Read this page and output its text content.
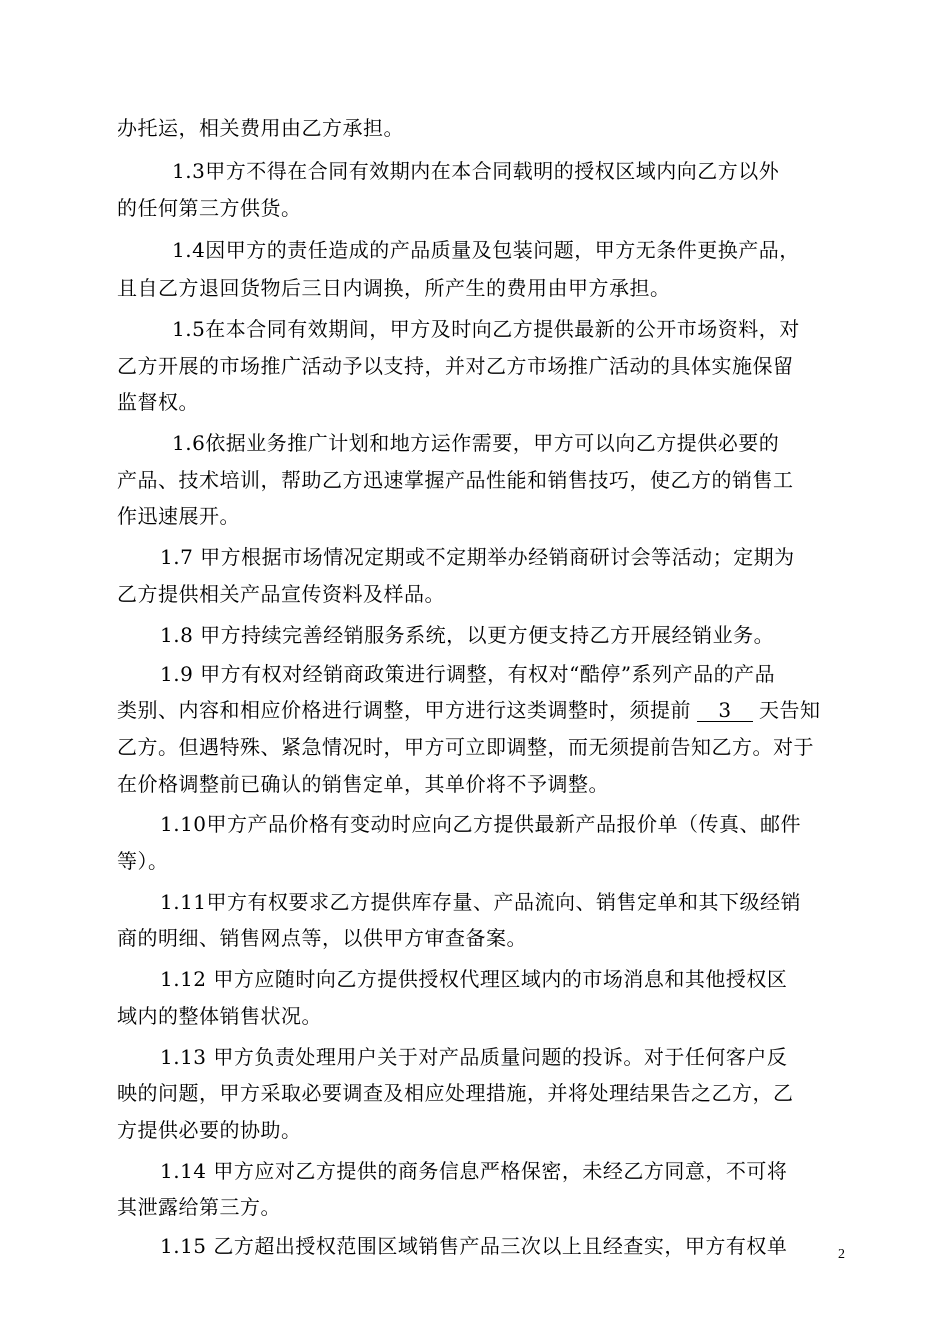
办托运，相关费用由乙方承担。
1.3甲方不得在合同有效期内在本合同载明的授权区域内向乙方以外
的任何第三方供货。
1.4因甲方的责任造成的产品质量及包装问题，甲方无条件更换产品，
且自乙方退回货物后三日内调换，所产生的费用由甲方承担。
1.5在本合同有效期间，甲方及时向乙方提供最新的公开市场资料，对
乙方开展的市场推广活动予以支持，并对乙方市场推广活动的具体实施保留
监督权。
1.6依据业务推广计划和地方运作需要，甲方可以向乙方提供必要的
产品、技术培训，帮助乙方迅速掌握产品性能和销售技巧，使乙方的销售工
作迅速展开。
1.7 甲方根据市场情况定期或不定期举办经销商研讨会等活动；定期为
乙方提供相关产品宣传资料及样品。
1.8 甲方持续完善经销服务系统，以更方便支持乙方开展经销业务。
1.9 甲方有权对经销商政策进行调整，有权对“酷停”系列产品的产品
类别、内容和相应价格进行调整，甲方进行这类调整时，须提前 3 天告知
乙方。但遇特殊、紧急情况时，甲方可立即调整，而无须提前告知乙方。对于
在价格调整前已确认的销售定单，其单价将不予调整。
1.10甲方产品价格有变动时应向乙方提供最新产品报价单（传真、邮件
等）。
1.11甲方有权要求乙方提供库存量、产品流向、销售定单和其下级经销
商的明细、销售网点等，以供甲方审查备案。
1.12 甲方应随时向乙方提供授权代理区域内的市场消息和其他授权区
域内的整体销售状况。
1.13 甲方负责处理用户关于对产品质量问题的投诉。对于任何客户反
映的问题，甲方采取必要调查及相应处理措施，并将处理结果告之乙方，乙
方提供必要的协助。
1.14 甲方应对乙方提供的商务信息严格保密，未经乙方同意，不可将
其泄露给第三方。
1.15 乙方超出授权范围区域销售产品三次以上且经查实，甲方有权单	2
